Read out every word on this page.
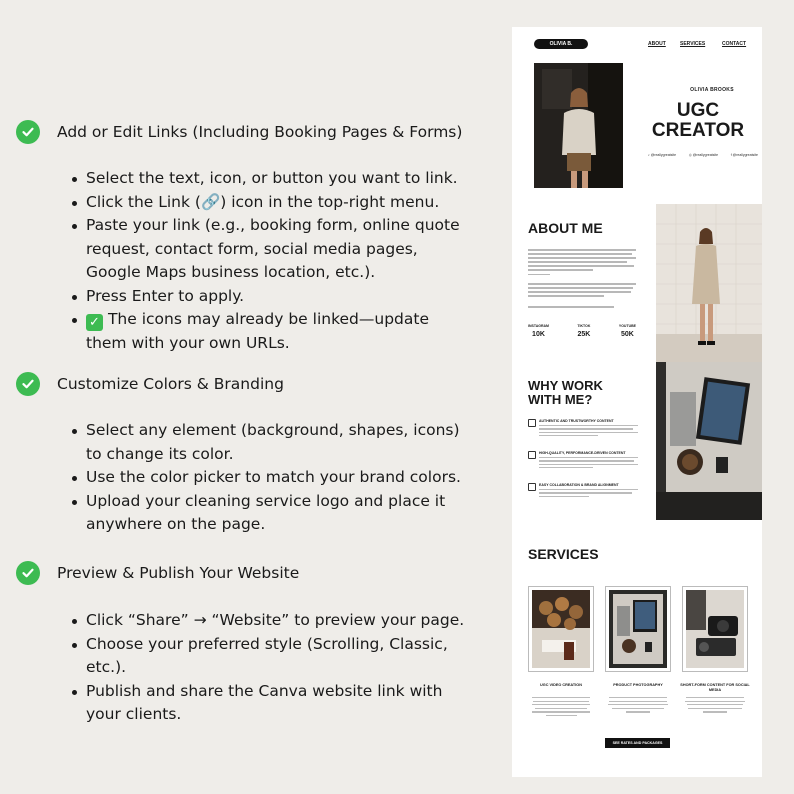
Add or Edit Links (Including Booking Pages & Forms)
Select the text, icon, or button you want to link.
Click the Link (🔗) icon in the top-right menu.
Paste your link (e.g., booking form, online quote request, contact form, social media pages, Google Maps business location, etc.).
Press Enter to apply.
✓ The icons may already be linked—update them with your own URLs.
Customize Colors & Branding
Select any element (background, shapes, icons) to change its color.
Use the color picker to match your brand colors.
Upload your cleaning service logo and place it anywhere on the page.
Preview & Publish Your Website
Click “Share” → “Website” to preview your page.
Choose your preferred style (Scrolling, Classic, etc.).
Publish and share the Canva website link with your clients.
OLIVIA B.	ABOUT	SERVICES	CONTACT
OLIVIA BROOKS
UGC
CREATOR
♪ @reallygreatsite	◎ @reallygreatsite	f @reallygreatsite
ABOUT ME
INSTAGRAM
10K
TIKTOK
25K
YOUTUBE
50K
WHY WORK
WITH ME?
AUTHENTIC AND TRUSTWORTHY CONTENT
HIGH-QUALITY, PERFORMANCE-DRIVEN CONTENT
EASY COLLABORATION & BRAND ALIGNMENT
SERVICES
UGC VIDEO CREATION	PRODUCT PHOTOGRAPHY	SHORT-FORM CONTENT FOR SOCIAL MEDIA
SEE RATES AND PACKAGES
